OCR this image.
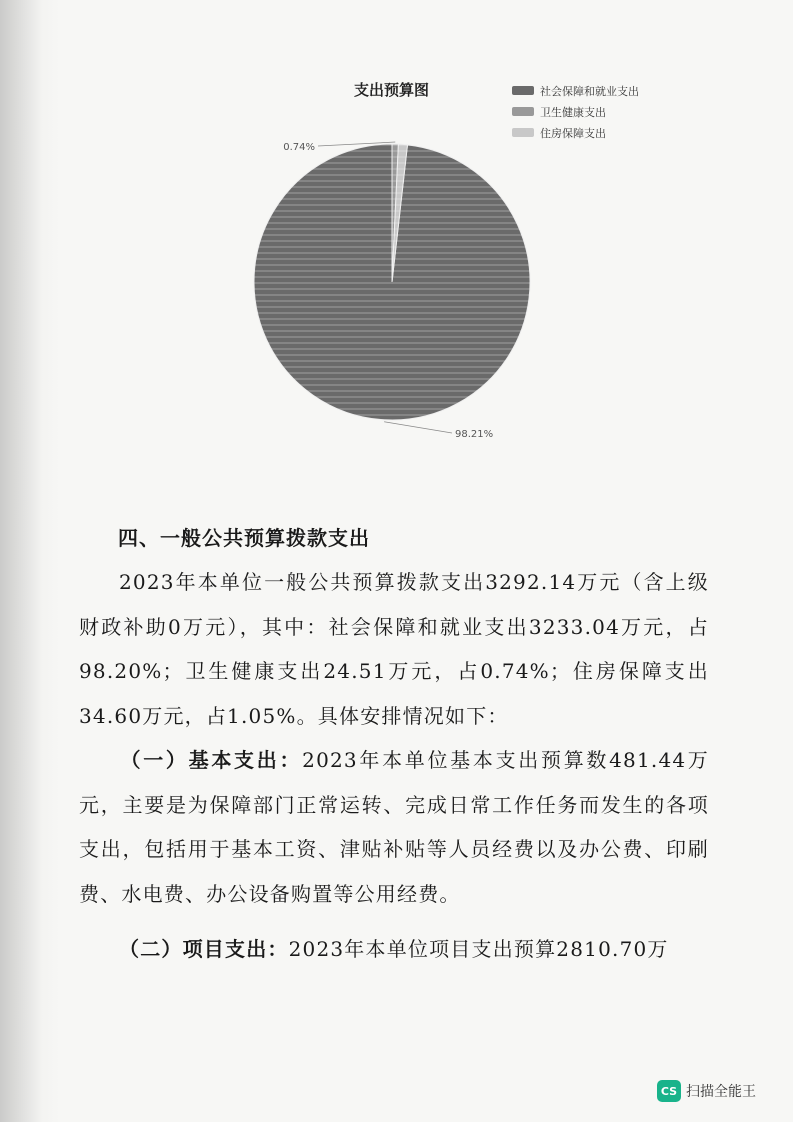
支出预算图	社会保障和就业支出
卫生健康支出
住房保障支出
98.21%
0.74%
四、一般公共预算拨款支出

2023年本单位一般公共预算拨款支出3292.14万元（含上级财政补助0万元），其中：社会保障和就业支出3233.04万元，占98.20%；卫生健康支出24.51万元，占0.74%；住房保障支出34.60万元，占1.05%。具体安排情况如下：

（一）基本支出：2023年本单位基本支出预算数481.44万元，主要是为保障部门正常运转、完成日常工作任务而发生的各项支出，包括用于基本工资、津贴补贴等人员经费以及办公费、印刷费、水电费、办公设备购置等公用经费。

（二）项目支出：2023年本单位项目支出预算2810.70万

CS 扫描全能王
